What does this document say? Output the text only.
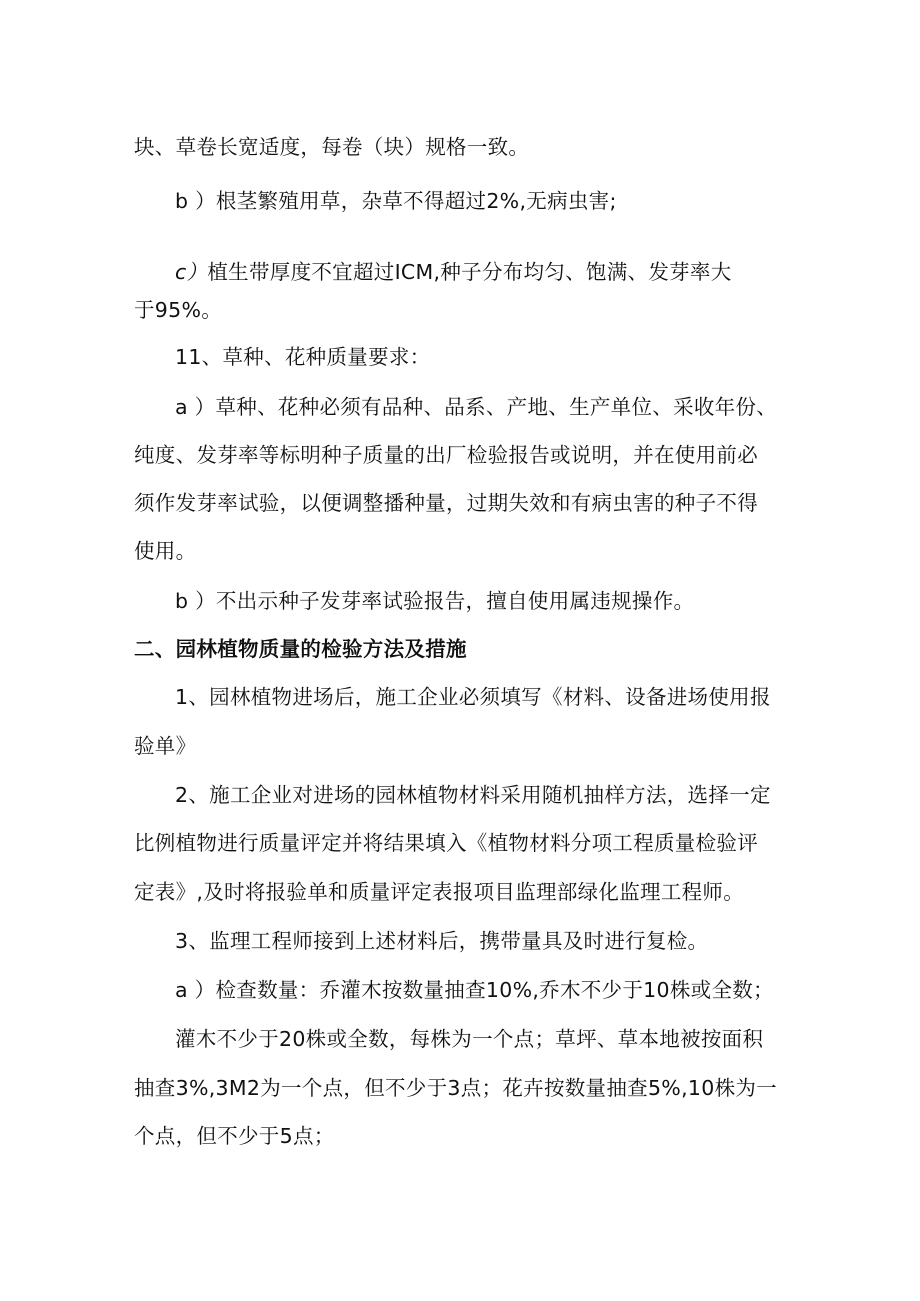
块、草卷长宽适度，每卷（块）规格一致。
b ）根茎繁殖用草，杂草不得超过2%,无病虫害;
c）植生带厚度不宜超过ICM,种子分布均匀、饱满、发芽率大
于95%。
11、草种、花种质量要求：
a ）草种、花种必须有品种、品系、产地、生产单位、采收年份、
纯度、发芽率等标明种子质量的出厂检验报告或说明，并在使用前必
须作发芽率试验，以便调整播种量，过期失效和有病虫害的种子不得
使用。
b ）不出示种子发芽率试验报告，擅自使用属违规操作。
二、园林植物质量的检验方法及措施
1、园林植物进场后，施工企业必须填写《材料、设备进场使用报
验单》
2、施工企业对进场的园林植物材料采用随机抽样方法，选择一定
比例植物进行质量评定并将结果填入《植物材料分项工程质量检验评
定表》,及时将报验单和质量评定表报项目监理部绿化监理工程师。
3、监理工程师接到上述材料后，携带量具及时进行复检。
a ）检查数量：乔灌木按数量抽查10%,乔木不少于10株或全数；
灌木不少于20株或全数，每株为一个点；草坪、草本地被按面积
抽查3%,3M2为一个点，但不少于3点；花卉按数量抽查5%,10株为一
个点，但不少于5点；
